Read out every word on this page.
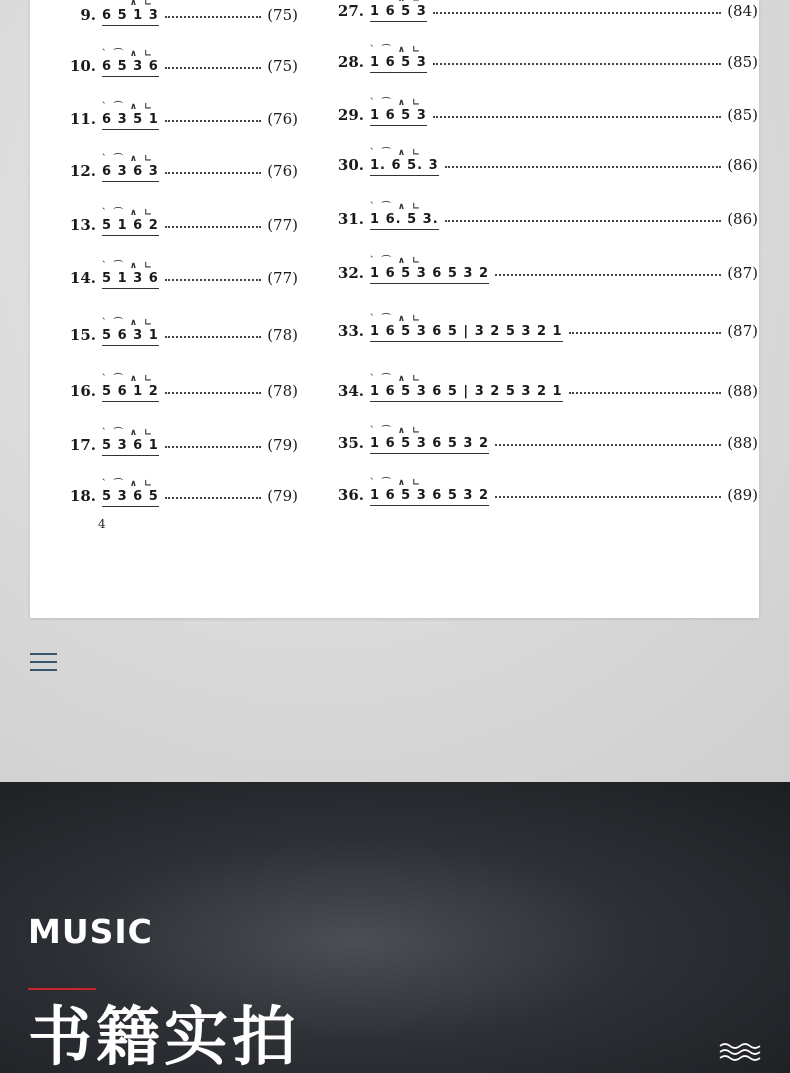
9. ˋ ⌒ ∧ ∟ 6 5 1 3	(75)
10. ˋ ⌒ ∧ ∟ 6 5 3 6	(75)
11. ˋ ⌒ ∧ ∟ 6 3 5 1	(76)
12. ˋ ⌒ ∧ ∟ 6 3 6 3	(76)
13. ˋ ⌒ ∧ ∟ 5 1 6 2	(77)
14. ˋ ⌒ ∧ ∟ 5 1 3 6	(77)
15. ˋ ⌒ ∧ ∟ 5 6 3 1	(78)
16. ˋ ⌒ ∧ ∟ 5 6 1 2	(78)
17. ˋ ⌒ ∧ ∟ 5 3 6 1	(79)
18. ˋ ⌒ ∧ ∟ 5 3 6 5	(79)
27. ˋ ⌒ ∧ ∟ 1 6 5 3	(84)
28. ˋ ⌒ ∧ ∟ 1 6 5 3	(85)
29. ˋ ⌒ ∧ ∟ 1 6 5 3	(85)
30. ˋ ⌒ ∧ ∟ 1. 6 5. 3	(86)
31. ˋ ⌒ ∧ ∟ 1 6. 5 3.	(86)
32. ˋ ⌒ ∧ ∟ 1 6 5 3 6 5 3 2	(87)
33. ˋ ⌒ ∧ ∟ 1 6 5 3 6 5 | 3 2 5 3 2 1	(87)
34. ˋ ⌒ ∧ ∟ 1 6 5 3 6 5 | 3 2 5 3 2 1	(88)
35. ˋ ⌒ ∧ ∟ 1 6 5 3 6 5 3 2	(88)
36. ˋ ⌒ ∧ ∟ 1 6 5 3 6 5 3 2	(89)
4
MUSIC
书籍实拍
